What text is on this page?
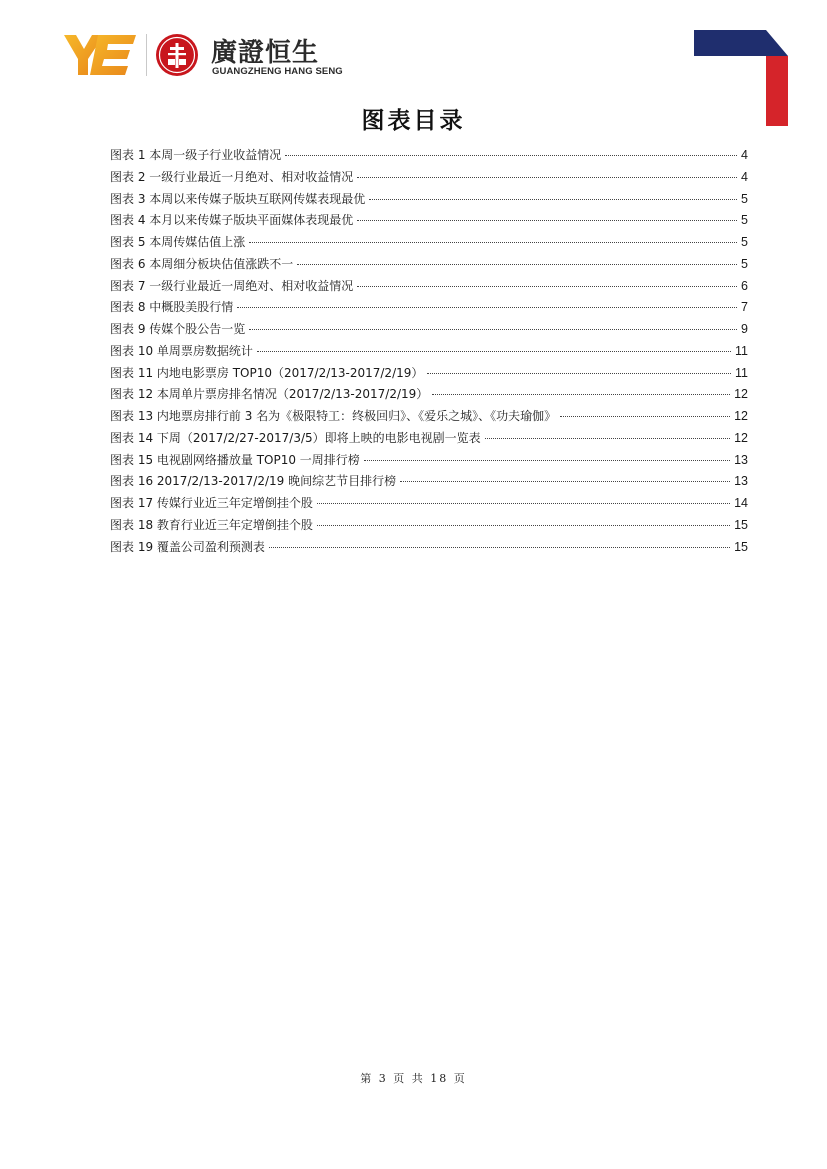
廣證恒生
GUANGZHENG HANG SENG
图表目录
图表 1 本周一级子行业收益情况	4
图表 2 一级行业最近一月绝对、相对收益情况	4
图表 3 本周以来传媒子版块互联网传媒表现最优	5
图表 4 本月以来传媒子版块平面媒体表现最优	5
图表 5 本周传媒估值上涨	5
图表 6 本周细分板块估值涨跌不一	5
图表 7 一级行业最近一周绝对、相对收益情况	6
图表 8 中概股美股行情	7
图表 9 传媒个股公告一览	9
图表 10 单周票房数据统计	11
图表 11 内地电影票房 TOP10（2017/2/13-2017/2/19）	11
图表 12 本周单片票房排名情况（2017/2/13-2017/2/19）	12
图表 13 内地票房排行前 3 名为《极限特工：终极回归》、《爱乐之城》、《功夫瑜伽》	12
图表 14 下周（2017/2/27-2017/3/5）即将上映的电影电视剧一览表	12
图表 15 电视剧网络播放量 TOP10 一周排行榜	13
图表 16 2017/2/13-2017/2/19 晚间综艺节目排行榜	13
图表 17 传媒行业近三年定增倒挂个股	14
图表 18 教育行业近三年定增倒挂个股	15
图表 19 覆盖公司盈利预测表	15
第 3 页 共 18 页
